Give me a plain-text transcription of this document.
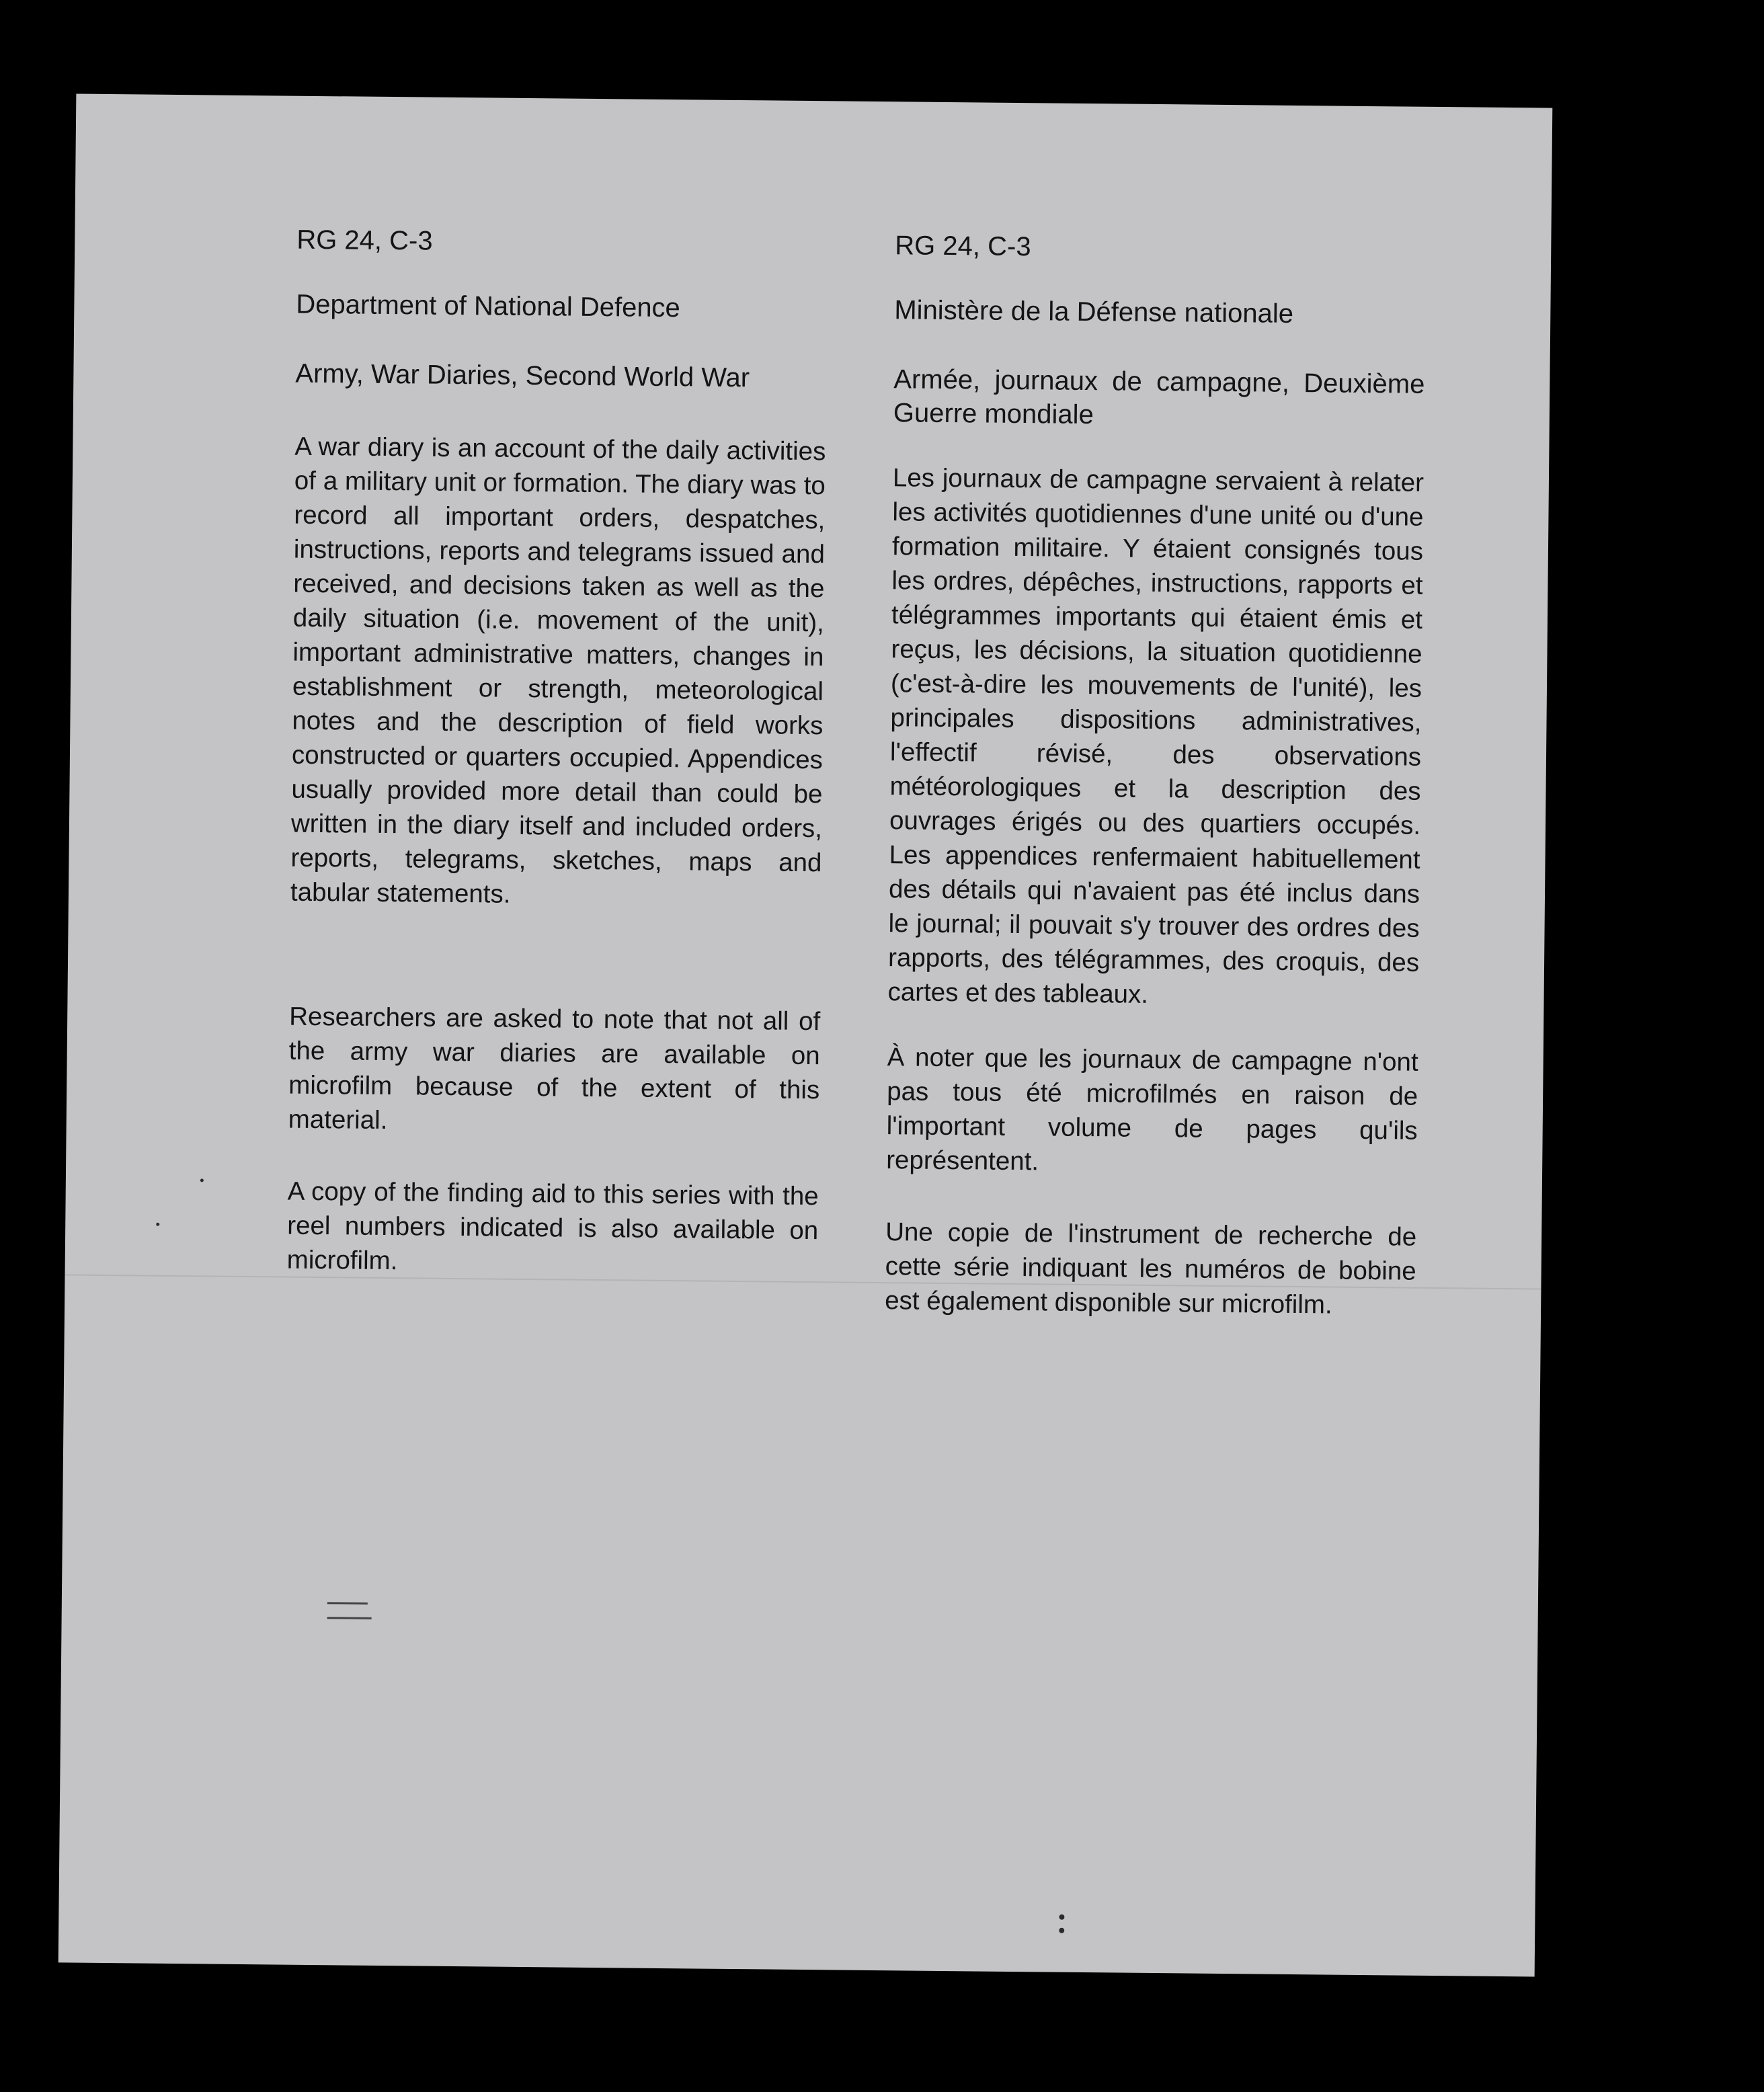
RG 24, C-3

Department of National Defence

Army, War Diaries, Second World War

A war diary is an account of the daily activities of a military unit or formation. The diary was to record all important orders, despatches, instructions, reports and telegrams issued and received, and decisions taken as well as the daily situation (i.e. movement of the unit), important administrative matters, changes in establishment or strength, meteorological notes and the description of field works constructed or quarters occupied. Appendices usually provided more detail than could be written in the diary itself and included orders, reports, telegrams, sketches, maps and tabular statements.

Researchers are asked to note that not all of the army war diaries are available on microfilm because of the extent of this material.

A copy of the finding aid to this series with the reel numbers indicated is also available on microfilm.

RG 24, C-3

Ministère de la Défense nationale

Armée, journaux de campagne, Deuxième Guerre mondiale

Les journaux de campagne servaient à relater les activités quotidiennes d'une unité ou d'une formation militaire. Y étaient consignés tous les ordres, dépêches, instructions, rapports et télégrammes importants qui étaient émis et reçus, les décisions, la situation quotidienne (c'est-à-dire les mouvements de l'unité), les principales dispositions administratives, l'effectif révisé, des observations météorologiques et la description des ouvrages érigés ou des quartiers occupés. Les appendices renfermaient habituellement des détails qui n'avaient pas été inclus dans le journal; il pouvait s'y trouver des ordres des rapports, des télégrammes, des croquis, des cartes et des tableaux.

À noter que les journaux de campagne n'ont pas tous été microfilmés en raison de l'important volume de pages qu'ils représentent.

Une copie de l'instrument de recherche de cette série indiquant les numéros de bobine est également disponible sur microfilm.
